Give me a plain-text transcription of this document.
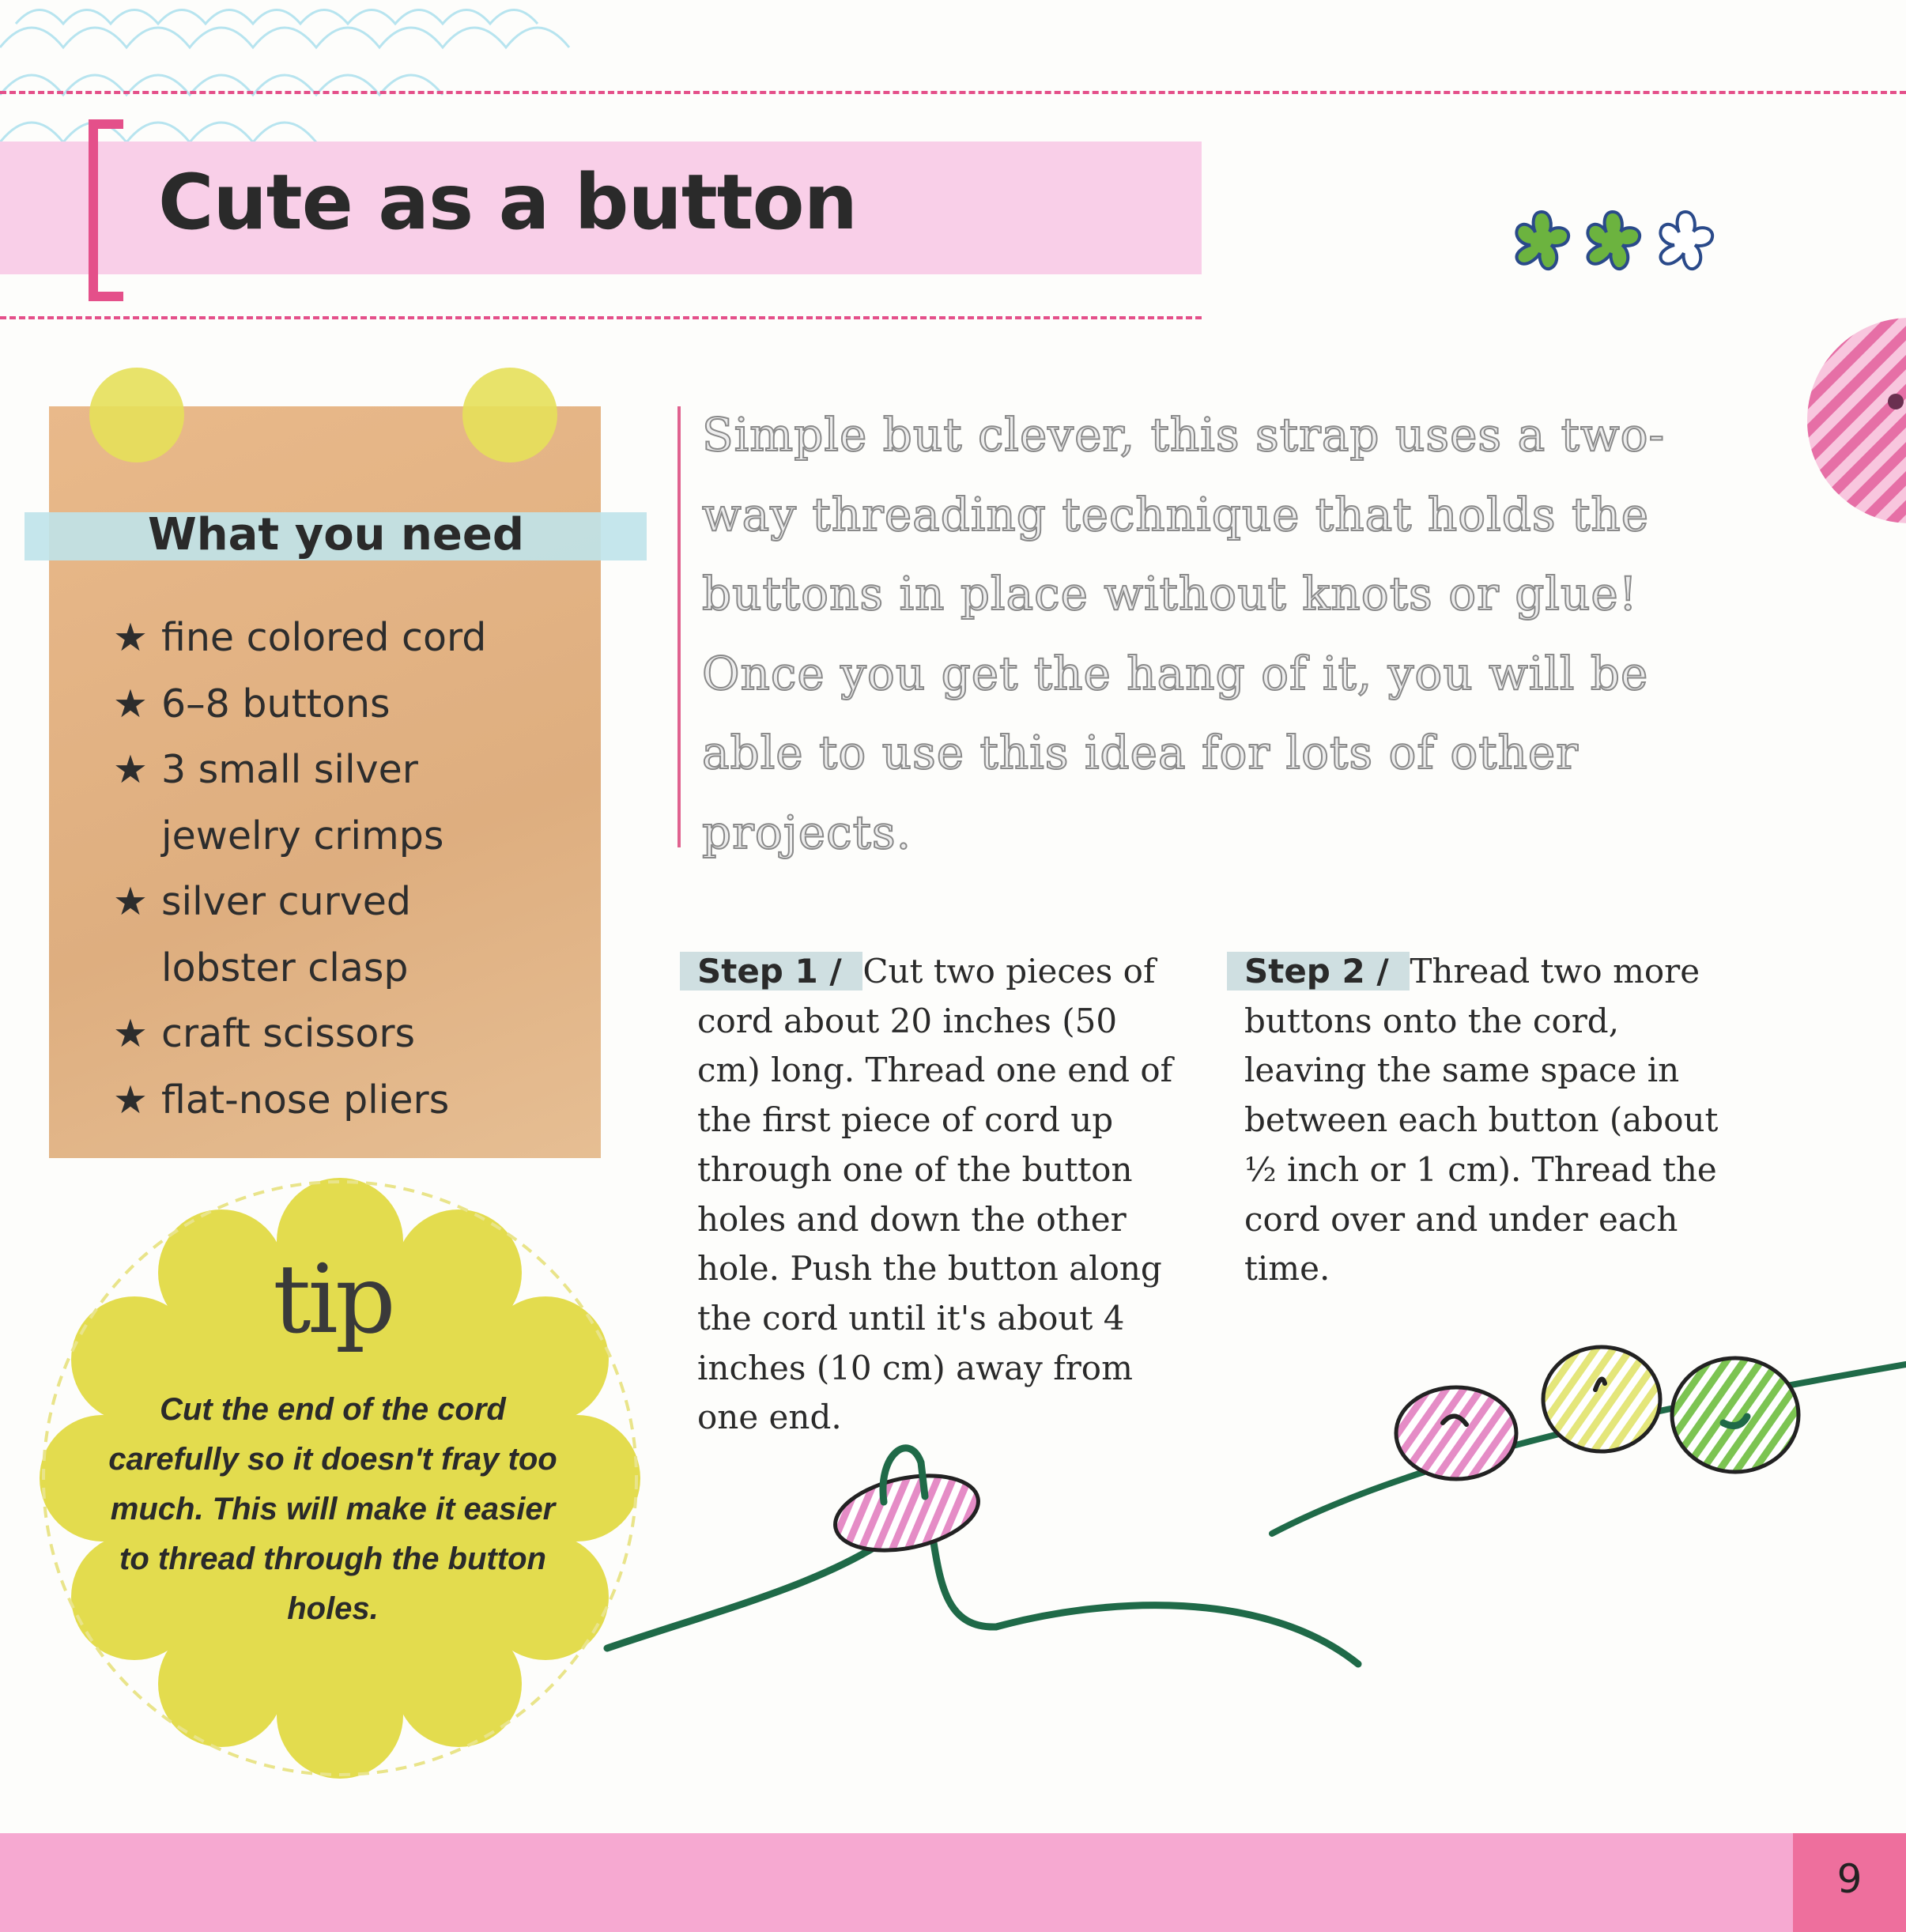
Cute as a button
What you need
★ fine colored cord
★ 6–8 buttons
★ 3 small silver
jewelry crimps
★ silver curved
lobster clasp
★ craft scissors
★ flat-nose pliers

Simple but clever, this strap uses a two-way threading technique that holds the buttons in place without knots or glue! Once you get the hang of it, you will be able to use this idea for lots of other projects.

Step 1 / Cut two pieces of cord about 20 inches (50 cm) long. Thread one end of the first piece of cord up through one of the button holes and down the other hole. Push the button along the cord until it's about 4 inches (10 cm) away from one end.

Step 2 / Thread two more buttons onto the cord, leaving the same space in between each button (about ½ inch or 1 cm). Thread the cord over and under each time.

tip

Cut the end of the cord carefully so it doesn't fray too much. This will make it easier to thread through the button holes.

9
